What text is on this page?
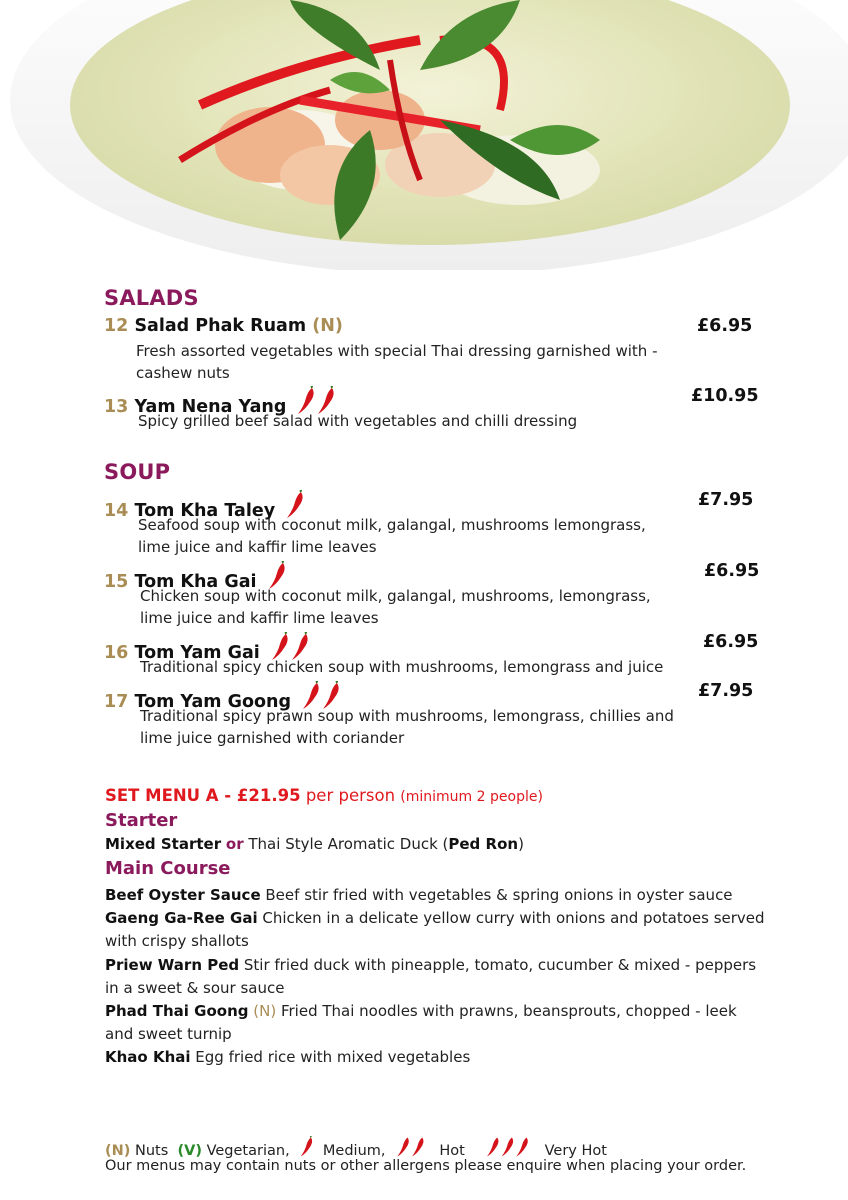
SALADS
12 Salad Phak Ruam (N)	£6.95
Fresh assorted vegetables with special Thai dressing garnished with - cashew nuts
13 Yam Nena Yang
£10.95
Spicy grilled beef salad with vegetables and chilli dressing
SOUP
14 Tom Kha Taley
£7.95
Seafood soup with coconut milk, galangal, mushrooms lemongrass, lime juice and kaffir lime leaves
15 Tom Kha Gai
£6.95
Chicken soup with coconut milk, galangal, mushrooms, lemongrass, lime juice and kaffir lime leaves
16 Tom Yam Gai
£6.95
Traditional spicy chicken soup with mushrooms, lemongrass and juice
17 Tom Yam Goong
£7.95
Traditional spicy prawn soup with mushrooms, lemongrass, chillies and lime juice garnished with coriander
SET MENU A - £21.95 per person (minimum 2 people)
Starter
Mixed Starter or Thai Style Aromatic Duck (Ped Ron)
Main Course
Beef Oyster Sauce Beef stir fried with vegetables & spring onions in oyster sauce
Gaeng Ga-Ree Gai Chicken in a delicate yellow curry with onions and potatoes served with crispy shallots
Priew Warn Ped Stir fried duck with pineapple, tomato, cucumber & mixed - peppers in a sweet & sour sauce
Phad Thai Goong (N) Fried Thai noodles with prawns, beansprouts, chopped - leek and sweet turnip
Khao Khai Egg fried rice with mixed vegetables
(N) Nuts (V) Vegetarian, Medium,	Hot	Very Hot
Our menus may contain nuts or other allergens please enquire when placing your order.
